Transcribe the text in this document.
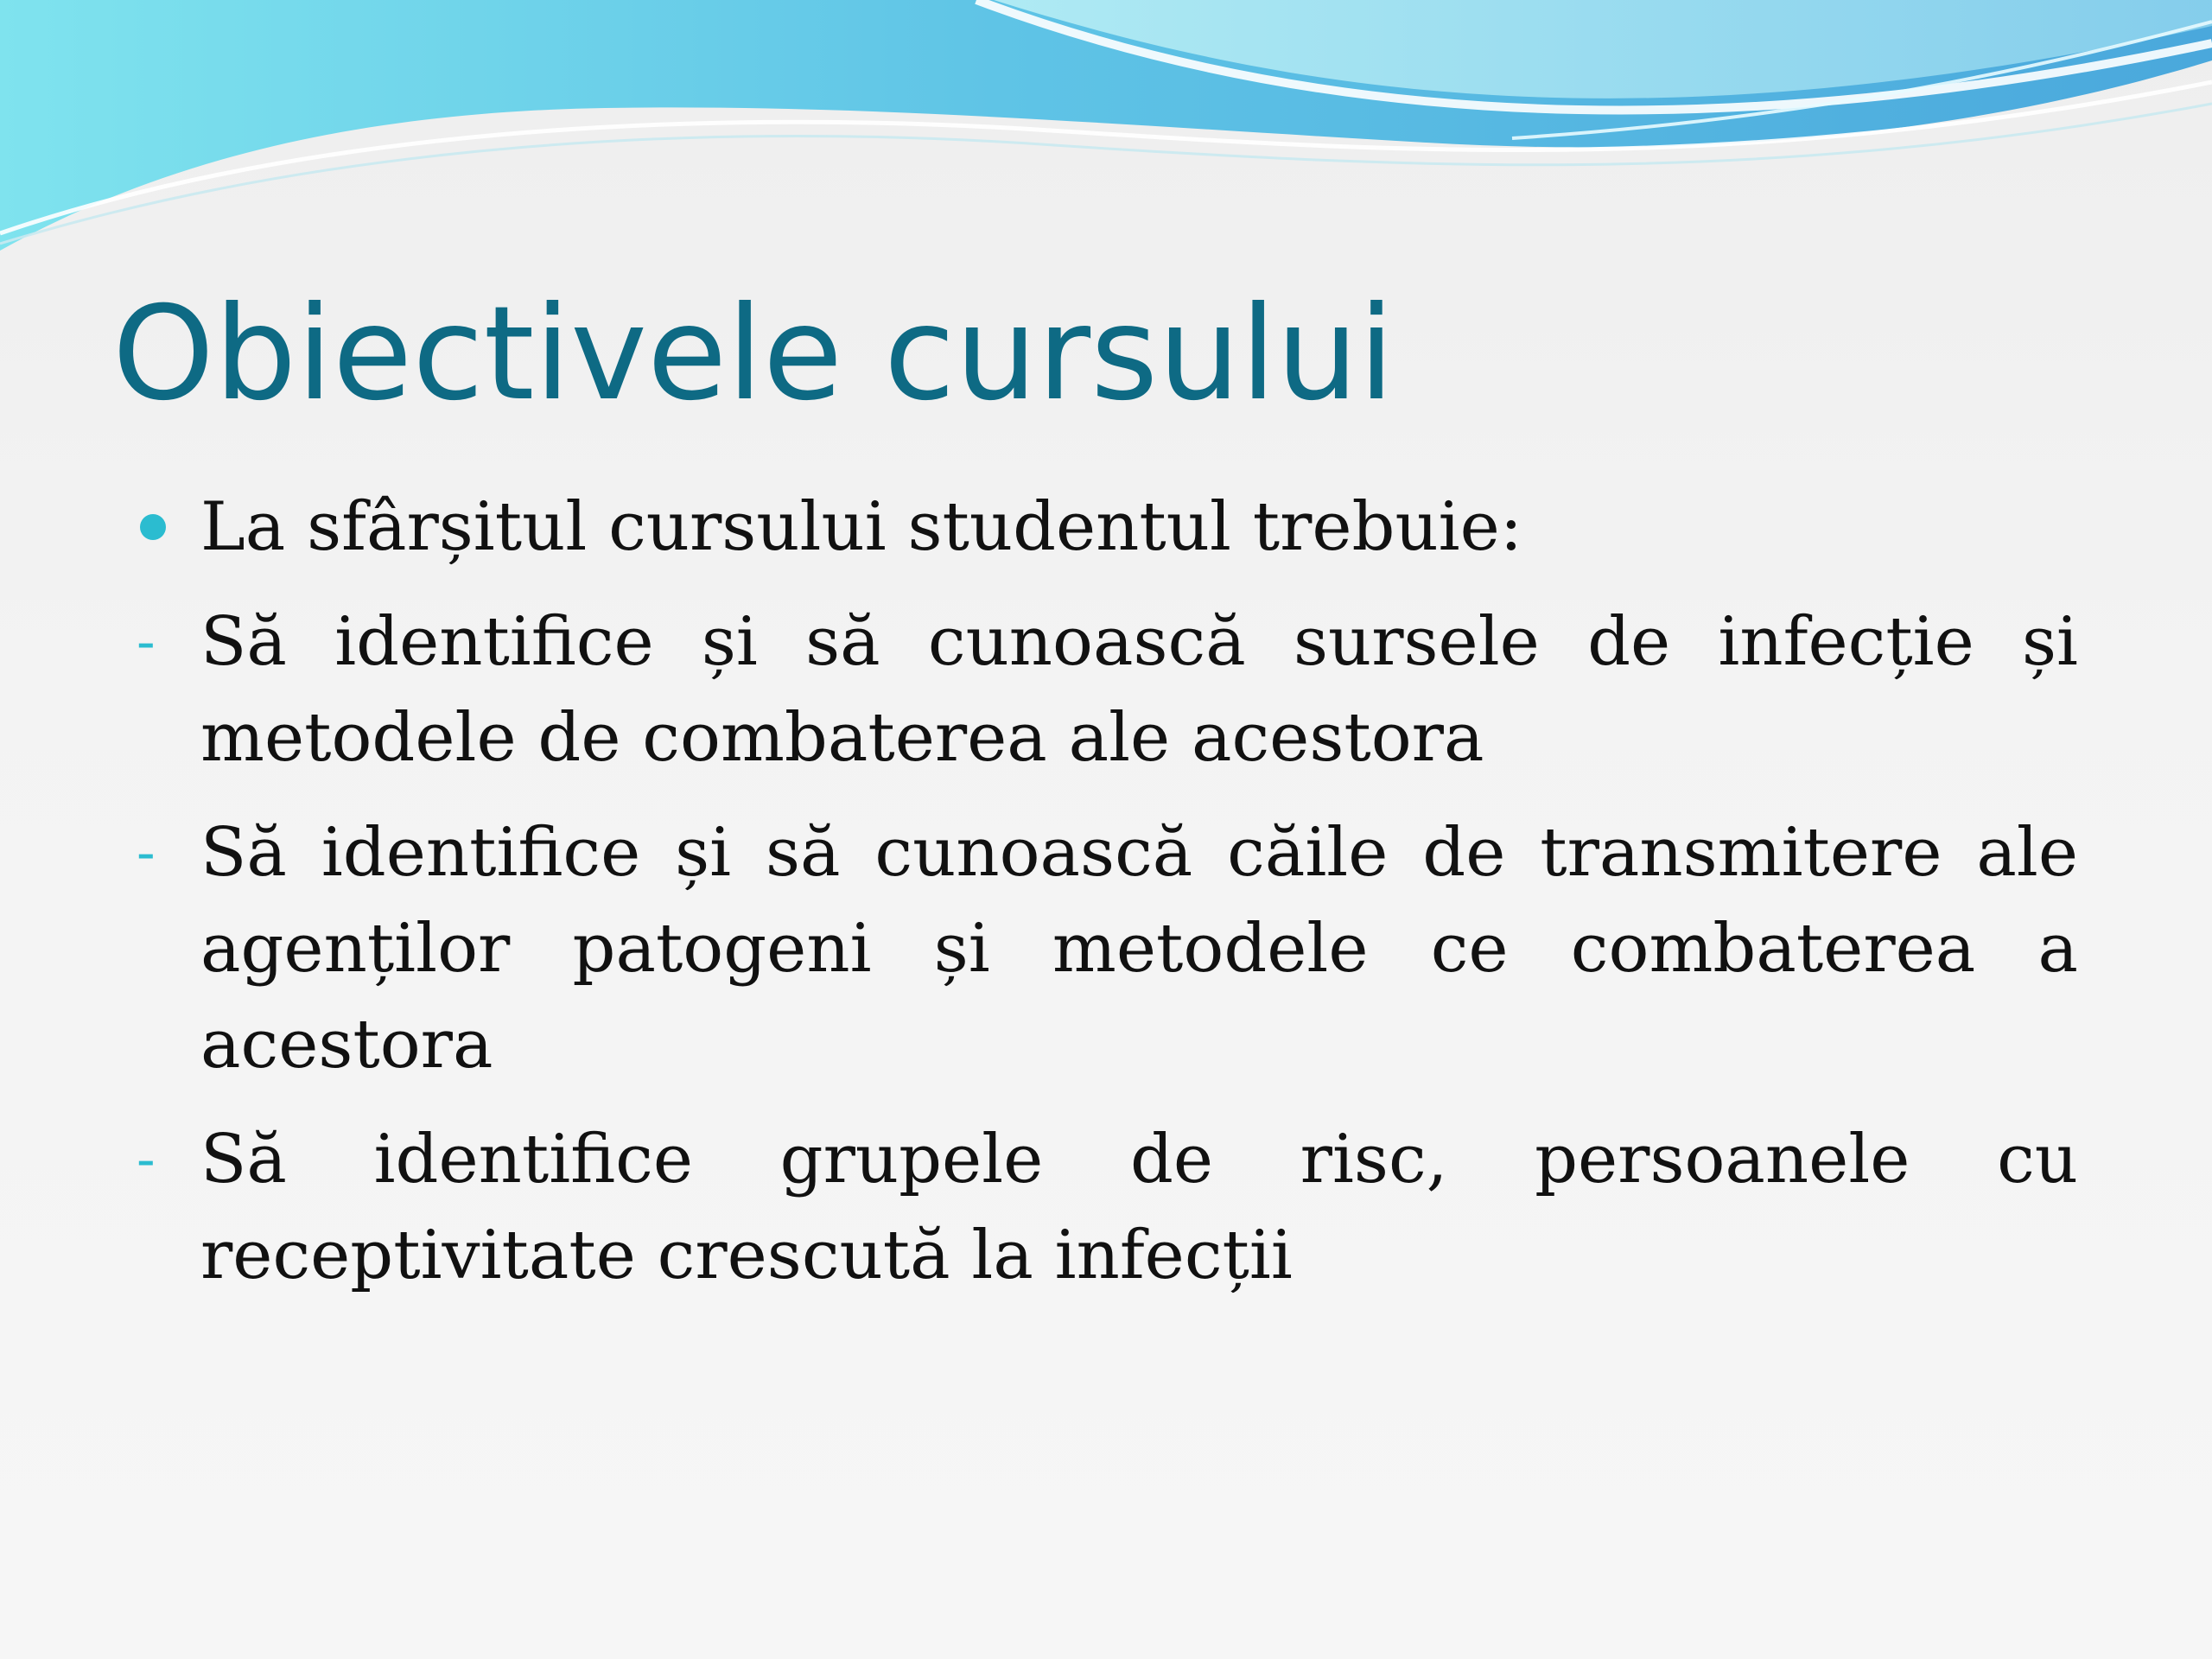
Obiectivele cursului
La sfârșitul cursului studentul trebuie:
- Să identifice și să cunoască sursele de infecție și metodele de combaterea ale acestora
- Să identifice și să cunoască căile de transmitere ale agenților patogeni și metodele ce combaterea a acestora
- Să identifice grupele de risc, persoanele cu receptivitate crescută la infecții
